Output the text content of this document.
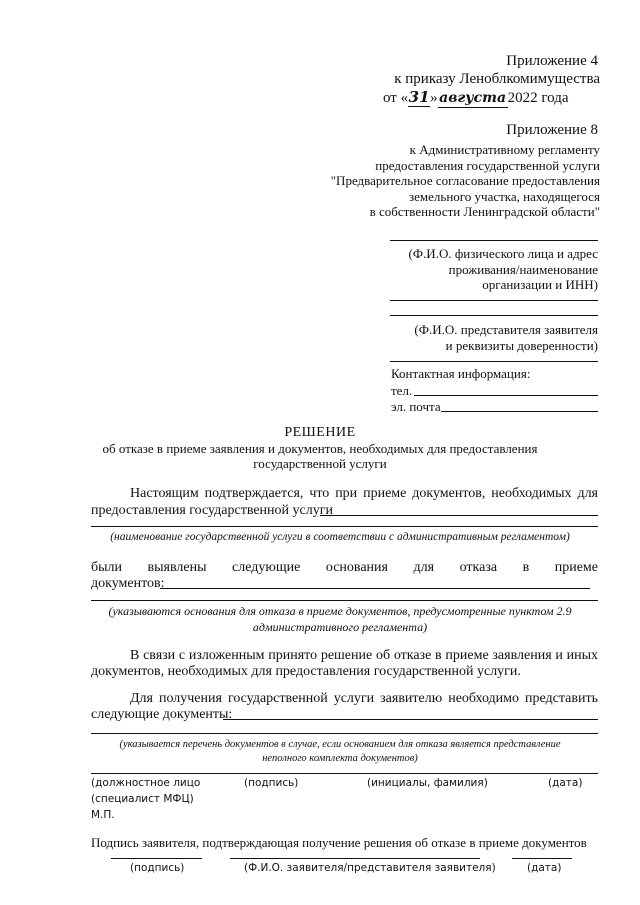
Приложение 4
к приказу Леноблкомимущества
от «31» августа 2022 года
Приложение 8
к Административному регламенту
предоставления государственной услуги
"Предварительное согласование предоставления
земельного участка, находящегося
в собственности Ленинградской области"
(Ф.И.О. физического лица и адрес
проживания/наименование
организации и ИНН)
(Ф.И.О. представителя заявителя
и реквизиты доверенности)
Контактная информация:
тел.
эл. почта
РЕШЕНИЕ
об отказе в приеме заявления и документов, необходимых для предоставления
государственной услуги
Настоящим подтверждается, что при приеме документов, необходимых для
предоставления государственной услуги
(наименование государственной услуги в соответствии с административным регламентом)
были выявлены следующие основания для отказа в приеме
документов:
(указываются основания для отказа в приеме документов, предусмотренные пунктом 2.9
административного регламента)
В связи с изложенным принято решение об отказе в приеме заявления и иных
документов, необходимых для предоставления государственной услуги.
Для получения государственной услуги заявителю необходимо представить
следующие документы:
(указывается перечень документов в случае, если основанием для отказа является представление
неполного комплекта документов)
(должностное лицо
(специалист МФЦ)
М.П.
(подпись)	(инициалы, фамилия)	(дата)
Подпись заявителя, подтверждающая получение решения об отказе в приеме документов
(подпись)	(Ф.И.О. заявителя/представителя заявителя)	(дата)
